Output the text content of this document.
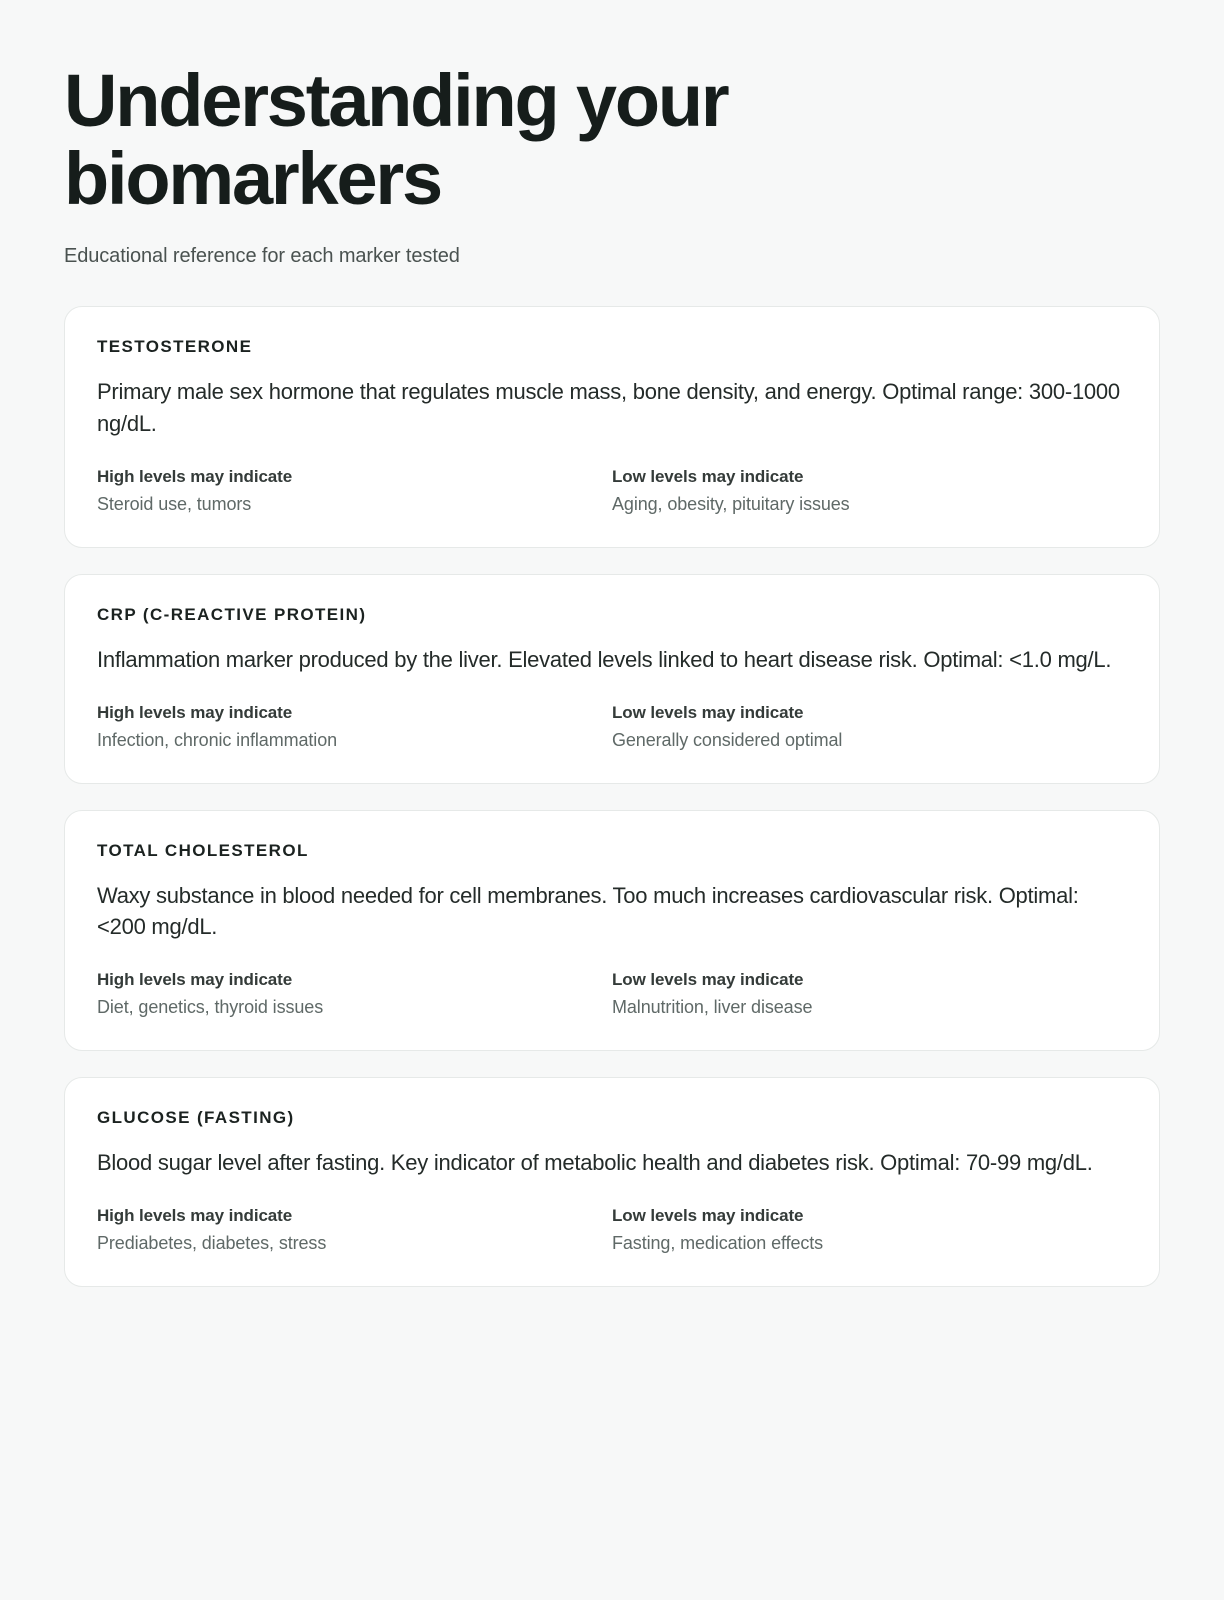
Understanding your biomarkers

Educational reference for each marker tested

TESTOSTERONE

Primary male sex hormone that regulates muscle mass, bone density, and energy. Optimal range: 300-1000 ng/dL.

High levels may indicate

Steroid use, tumors

Low levels may indicate

Aging, obesity, pituitary issues

CRP (C-REACTIVE PROTEIN)

Inflammation marker produced by the liver. Elevated levels linked to heart disease risk. Optimal: <1.0 mg/L.

High levels may indicate

Infection, chronic inflammation

Low levels may indicate

Generally considered optimal

TOTAL CHOLESTEROL

Waxy substance in blood needed for cell membranes. Too much increases cardiovascular risk. Optimal: <200 mg/dL.

High levels may indicate

Diet, genetics, thyroid issues

Low levels may indicate

Malnutrition, liver disease

GLUCOSE (FASTING)

Blood sugar level after fasting. Key indicator of metabolic health and diabetes risk. Optimal: 70-99 mg/dL.

High levels may indicate

Prediabetes, diabetes, stress

Low levels may indicate

Fasting, medication effects
